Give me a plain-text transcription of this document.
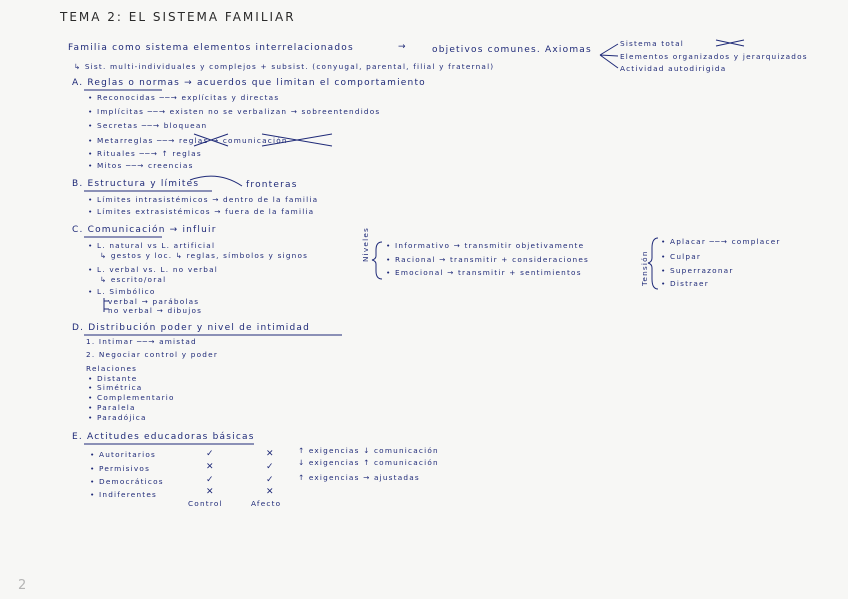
TEMA 2: EL SISTEMA FAMILIAR
Familia como sistema elementos interrelacionados	→	objetivos comunes. Axiomas
Sistema total
Elementos organizados y jerarquizados
Actividad autodirigida
↳ Sist. multi-individuales y complejos + subsist. (conyugal, parental, filial y fraternal)
A. Reglas o normas → acuerdos que limitan el comportamiento
• Reconocidas ──→ explícitas y directas
• Implícitas ──→ existen no se verbalizan → sobreentendidos
• Secretas ──→ bloquean
• Metarreglas ──→ reglas → comunicación
• Rituales ──→ ↑ reglas
• Mitos ──→ creencias
B. Estructura y límites	fronteras
• Límites intrasistémicos → dentro de la familia
• Límites extrasistémicos → fuera de la familia
C. Comunicación → influir
• L. natural vs L. artificial
↳ gestos y loc. ↳ reglas, símbolos y signos
• L. verbal vs. L. no verbal
↳ escrito/oral
• L. Simbólico
verbal → parábolas
no verbal → dibujos
Niveles • Informativo → transmitir objetivamente
• Racional → transmitir + consideraciones
• Emocional → transmitir + sentimientos	Tensión
• Aplacar ──→ complacer
• Culpar
• Superrazonar
• Distraer
D. Distribución poder y nivel de intimidad
1. Intimar ──→ amistad
2. Negociar control y poder
Relaciones
• Distante
• Simétrica
• Complementario
• Paralela
• Paradójica
E. Actitudes educadoras básicas
• Autoritarios	✓	✕	↑ exigencias ↓ comunicación
• Permisivos	✕	✓	↓ exigencias ↑ comunicación
• Democráticos	✓	✓	↑ exigencias → ajustadas
• Indiferentes	✕	✕
Control	Afecto
2
